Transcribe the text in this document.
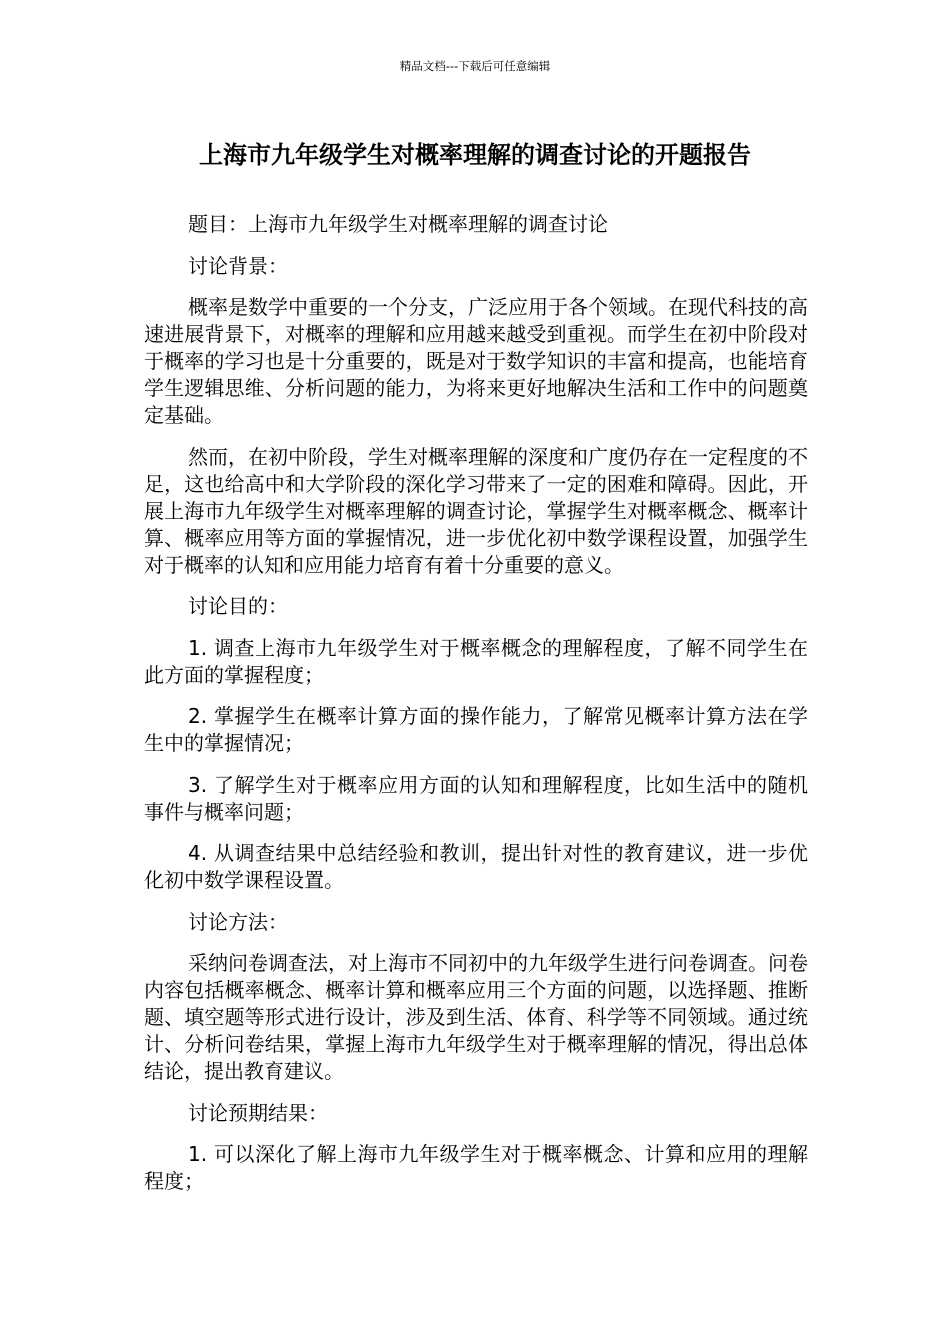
精品文档---下载后可任意编辑
上海市九年级学生对概率理解的调查讨论的开题报告

题目：上海市九年级学生对概率理解的调查讨论

讨论背景：

概率是数学中重要的一个分支，广泛应用于各个领域。在现代科技的高速进展背景下，对概率的理解和应用越来越受到重视。而学生在初中阶段对于概率的学习也是十分重要的，既是对于数学知识的丰富和提高，也能培育学生逻辑思维、分析问题的能力，为将来更好地解决生活和工作中的问题奠定基础。

然而，在初中阶段，学生对概率理解的深度和广度仍存在一定程度的不足，这也给高中和大学阶段的深化学习带来了一定的困难和障碍。因此，开展上海市九年级学生对概率理解的调查讨论，掌握学生对概率概念、概率计算、概率应用等方面的掌握情况，进一步优化初中数学课程设置，加强学生对于概率的认知和应用能力培育有着十分重要的意义。

讨论目的：

1. 调查上海市九年级学生对于概率概念的理解程度，了解不同学生在此方面的掌握程度；

2. 掌握学生在概率计算方面的操作能力，了解常见概率计算方法在学生中的掌握情况；

3. 了解学生对于概率应用方面的认知和理解程度，比如生活中的随机事件与概率问题；

4. 从调查结果中总结经验和教训，提出针对性的教育建议，进一步优化初中数学课程设置。

讨论方法：

采纳问卷调查法，对上海市不同初中的九年级学生进行问卷调查。问卷内容包括概率概念、概率计算和概率应用三个方面的问题，以选择题、推断题、填空题等形式进行设计，涉及到生活、体育、科学等不同领域。通过统计、分析问卷结果，掌握上海市九年级学生对于概率理解的情况，得出总体结论，提出教育建议。

讨论预期结果：

1. 可以深化了解上海市九年级学生对于概率概念、计算和应用的理解程度；
